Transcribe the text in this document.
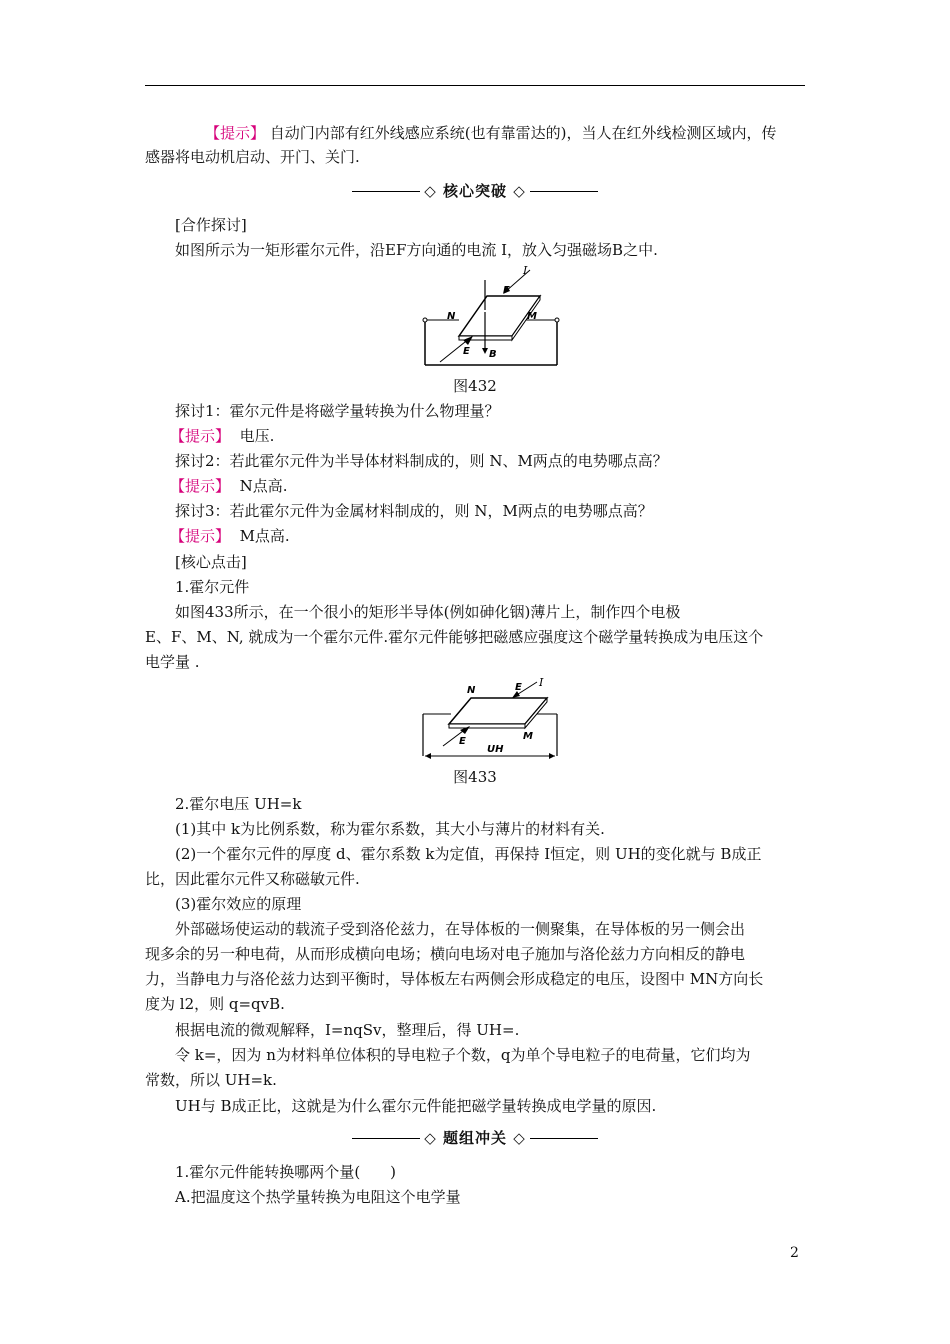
【提示】 自动门内部有红外线感应系统(也有靠雷达的)，当人在红外线检测区域内，传
感器将电动机启动、开门、关门.
◇ 核心突破 ◇
[合作探讨]
如图所示为一矩形霍尔元件，沿EF方向通的电流 I，放入匀强磁场B之中.
I
F
N	M
E B
图432
探讨1：霍尔元件是将磁学量转换为什么物理量？
【提示】 电压.
探讨2：若此霍尔元件为半导体材料制成的，则 N、M两点的电势哪点高？
【提示】 N点高.
探讨3：若此霍尔元件为金属材料制成的，则 N，M两点的电势哪点高？
【提示】 M点高.
[核心点击]
1.霍尔元件
如图433所示，在一个很小的矩形半导体(例如砷化铟)薄片上，制作四个电极
E、F、M、N, 就成为一个霍尔元件.霍尔元件能够把磁感应强度这个磁学量转换成为电压这个
电学量 .
E I
N
M
E
UH
图433
2.霍尔电压 UH=k
(1)其中 k为比例系数，称为霍尔系数，其大小与薄片的材料有关.
(2)一个霍尔元件的厚度 d、霍尔系数 k为定值，再保持 I恒定，则 UH的变化就与 B成正
比，因此霍尔元件又称磁敏元件.
(3)霍尔效应的原理
外部磁场使运动的载流子受到洛伦兹力，在导体板的一侧聚集，在导体板的另一侧会出
现多余的另一种电荷，从而形成横向电场；横向电场对电子施加与洛伦兹力方向相反的静电
力，当静电力与洛伦兹力达到平衡时，导体板左右两侧会形成稳定的电压，设图中 MN方向长
度为 l2，则 q=qvB.
根据电流的微观解释，I=nqSv，整理后，得 UH=.
令 k=，因为 n为材料单位体积的导电粒子个数，q为单个导电粒子的电荷量，它们均为
常数，所以 UH=k.
UH与 B成正比，这就是为什么霍尔元件能把磁学量转换成电学量的原因.
◇ 题组冲关 ◇
1.霍尔元件能转换哪两个量(　　)
A.把温度这个热学量转换为电阻这个电学量
2
